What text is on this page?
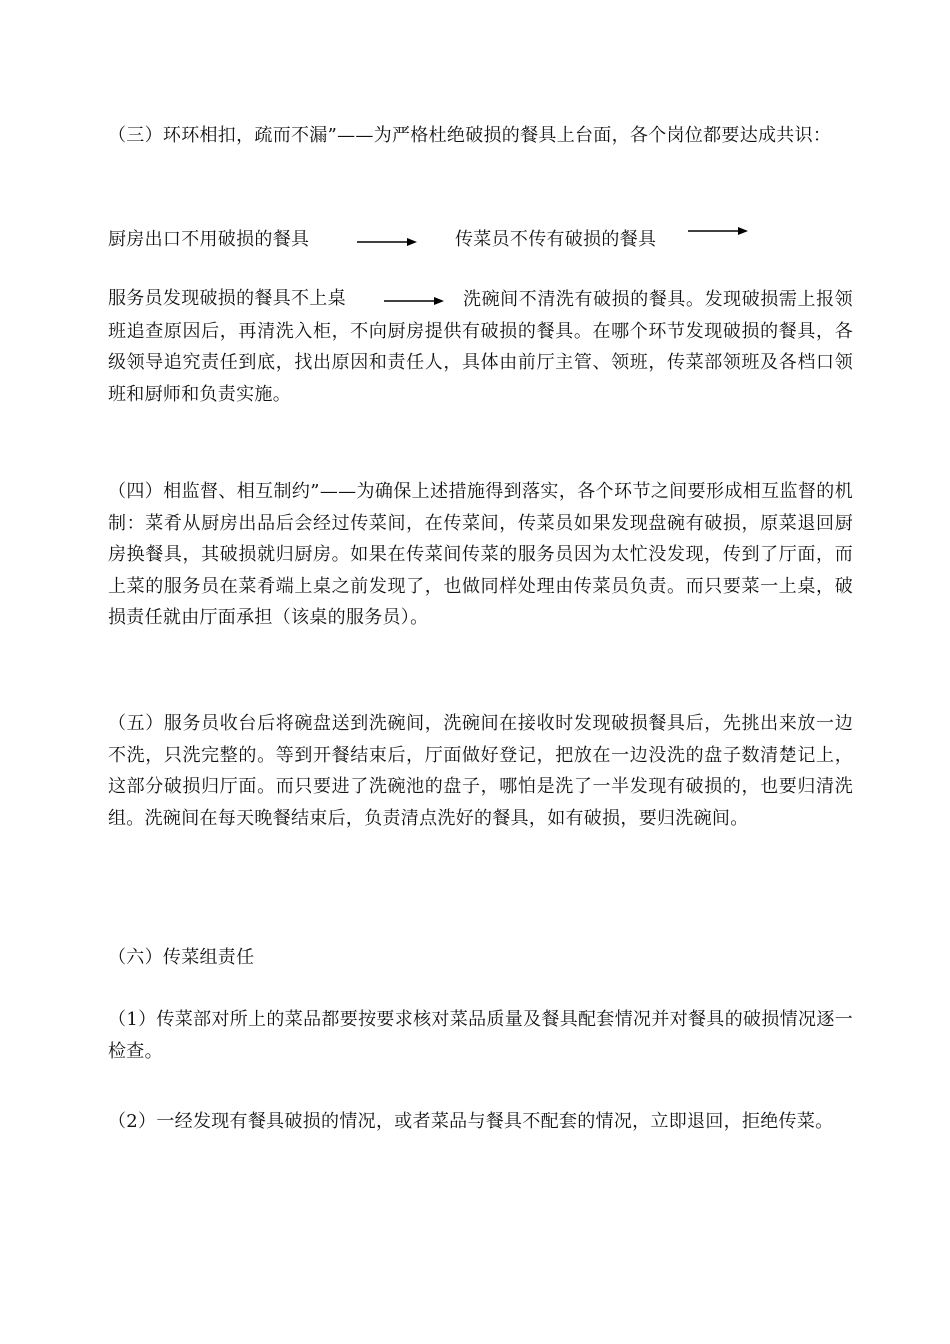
（三）环环相扣，疏而不漏”——为严格杜绝破损的餐具上台面，各个岗位都要达成共识：

厨房出口不用破损的餐具	传菜员不传有破损的餐具
服务员发现破损的餐具不上桌	洗碗间不清洗有破损的餐具。发现破损需上报领班追查原因后，再清洗入柜，不向厨房提供有破损的餐具。在哪个环节发现破损的餐具，各级领导追究责任到底，找出原因和责任人，具体由前厅主管、领班，传菜部领班及各档口领班和厨师和负责实施。

（四）相监督、相互制约”——为确保上述措施得到落实，各个环节之间要形成相互监督的机制：菜肴从厨房出品后会经过传菜间，在传菜间，传菜员如果发现盘碗有破损，原菜退回厨房换餐具，其破损就归厨房。如果在传菜间传菜的服务员因为太忙没发现，传到了厅面，而上菜的服务员在菜肴端上桌之前发现了，也做同样处理由传菜员负责。而只要菜一上桌，破损责任就由厅面承担（该桌的服务员）。

（五）服务员收台后将碗盘送到洗碗间，洗碗间在接收时发现破损餐具后，先挑出来放一边不洗，只洗完整的。等到开餐结束后，厅面做好登记，把放在一边没洗的盘子数清楚记上，这部分破损归厅面。而只要进了洗碗池的盘子，哪怕是洗了一半发现有破损的，也要归清洗组。洗碗间在每天晚餐结束后，负责清点洗好的餐具，如有破损，要归洗碗间。

（六）传菜组责任

（1）传菜部对所上的菜品都要按要求核对菜品质量及餐具配套情况并对餐具的破损情况逐一检查。

（2）一经发现有餐具破损的情况，或者菜品与餐具不配套的情况，立即退回，拒绝传菜。
